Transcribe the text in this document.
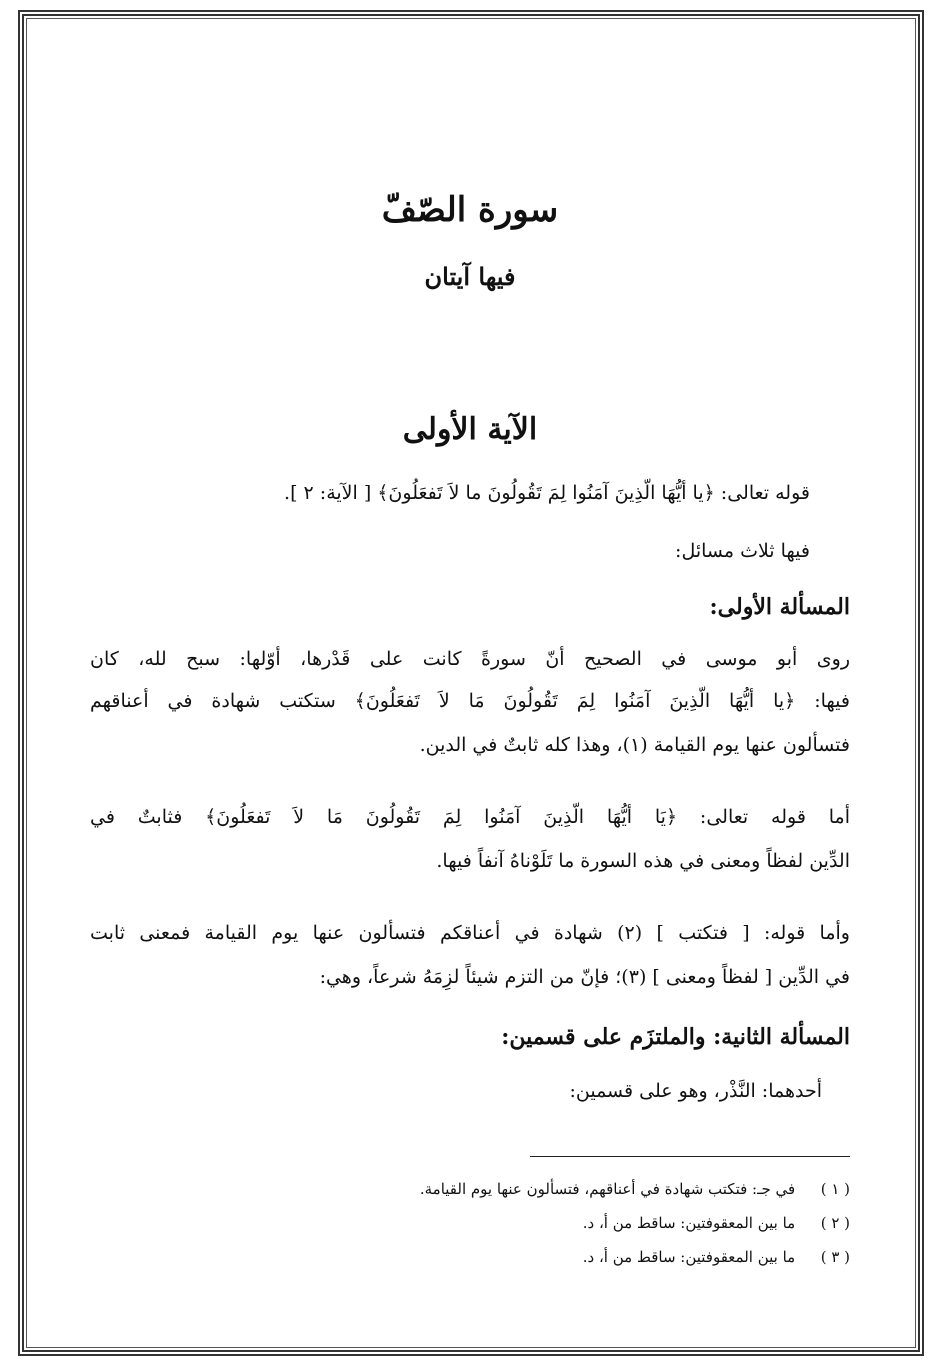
سورة الصّفّ
فيها آيتان
الآية الأولى
قوله تعالى: ﴿يا أيُّهَا الّذِينَ آمَنُوا لِمَ تَقُولُونَ ما لاَ تَفعَلُونَ﴾ [ الآية: ٢ ].
فيها ثلاث مسائل:
المسألة الأولى:
روى أبو موسى في الصحيح أنّ سورةً كانت على قَدْرها، أوّلها: سبح لله، كان
فيها: ﴿يا أيُّهَا الّذِينَ آمَنُوا لِمَ تَقُولُونَ مَا لاَ تَفعَلُونَ﴾ ستكتب شهادة في أعناقهم
فتسألون عنها يوم القيامة (١)، وهذا كله ثابتٌ في الدين.
أما قوله تعالى: ﴿يَا أيُّهَا الّذِينَ آمَنُوا لِمَ تَقُولُونَ مَا لاَ تَفعَلُونَ﴾ فثابتٌ في
الدِّين لفظاً ومعنى في هذه السورة ما تَلَوْناهُ آنفاً فيها.
وأما قوله: [ فتكتب ] (٢) شهادة في أعناقكم فتسألون عنها يوم القيامة فمعنى ثابت
في الدِّين [ لفظاً ومعنى ] (٣)؛ فإنّ من التزم شيئاً لزِمَهُ شرعاً، وهي:
المسألة الثانية: والملتزَم على قسمين:
أحدهما: النَّذْر، وهو على قسمين:
( ١ ) في جـ: فتكتب شهادة في أعناقهم، فتسألون عنها يوم القيامة.
( ٢ ) ما بين المعقوفتين: ساقط من أ، د.
( ٣ ) ما بين المعقوفتين: ساقط من أ، د.
